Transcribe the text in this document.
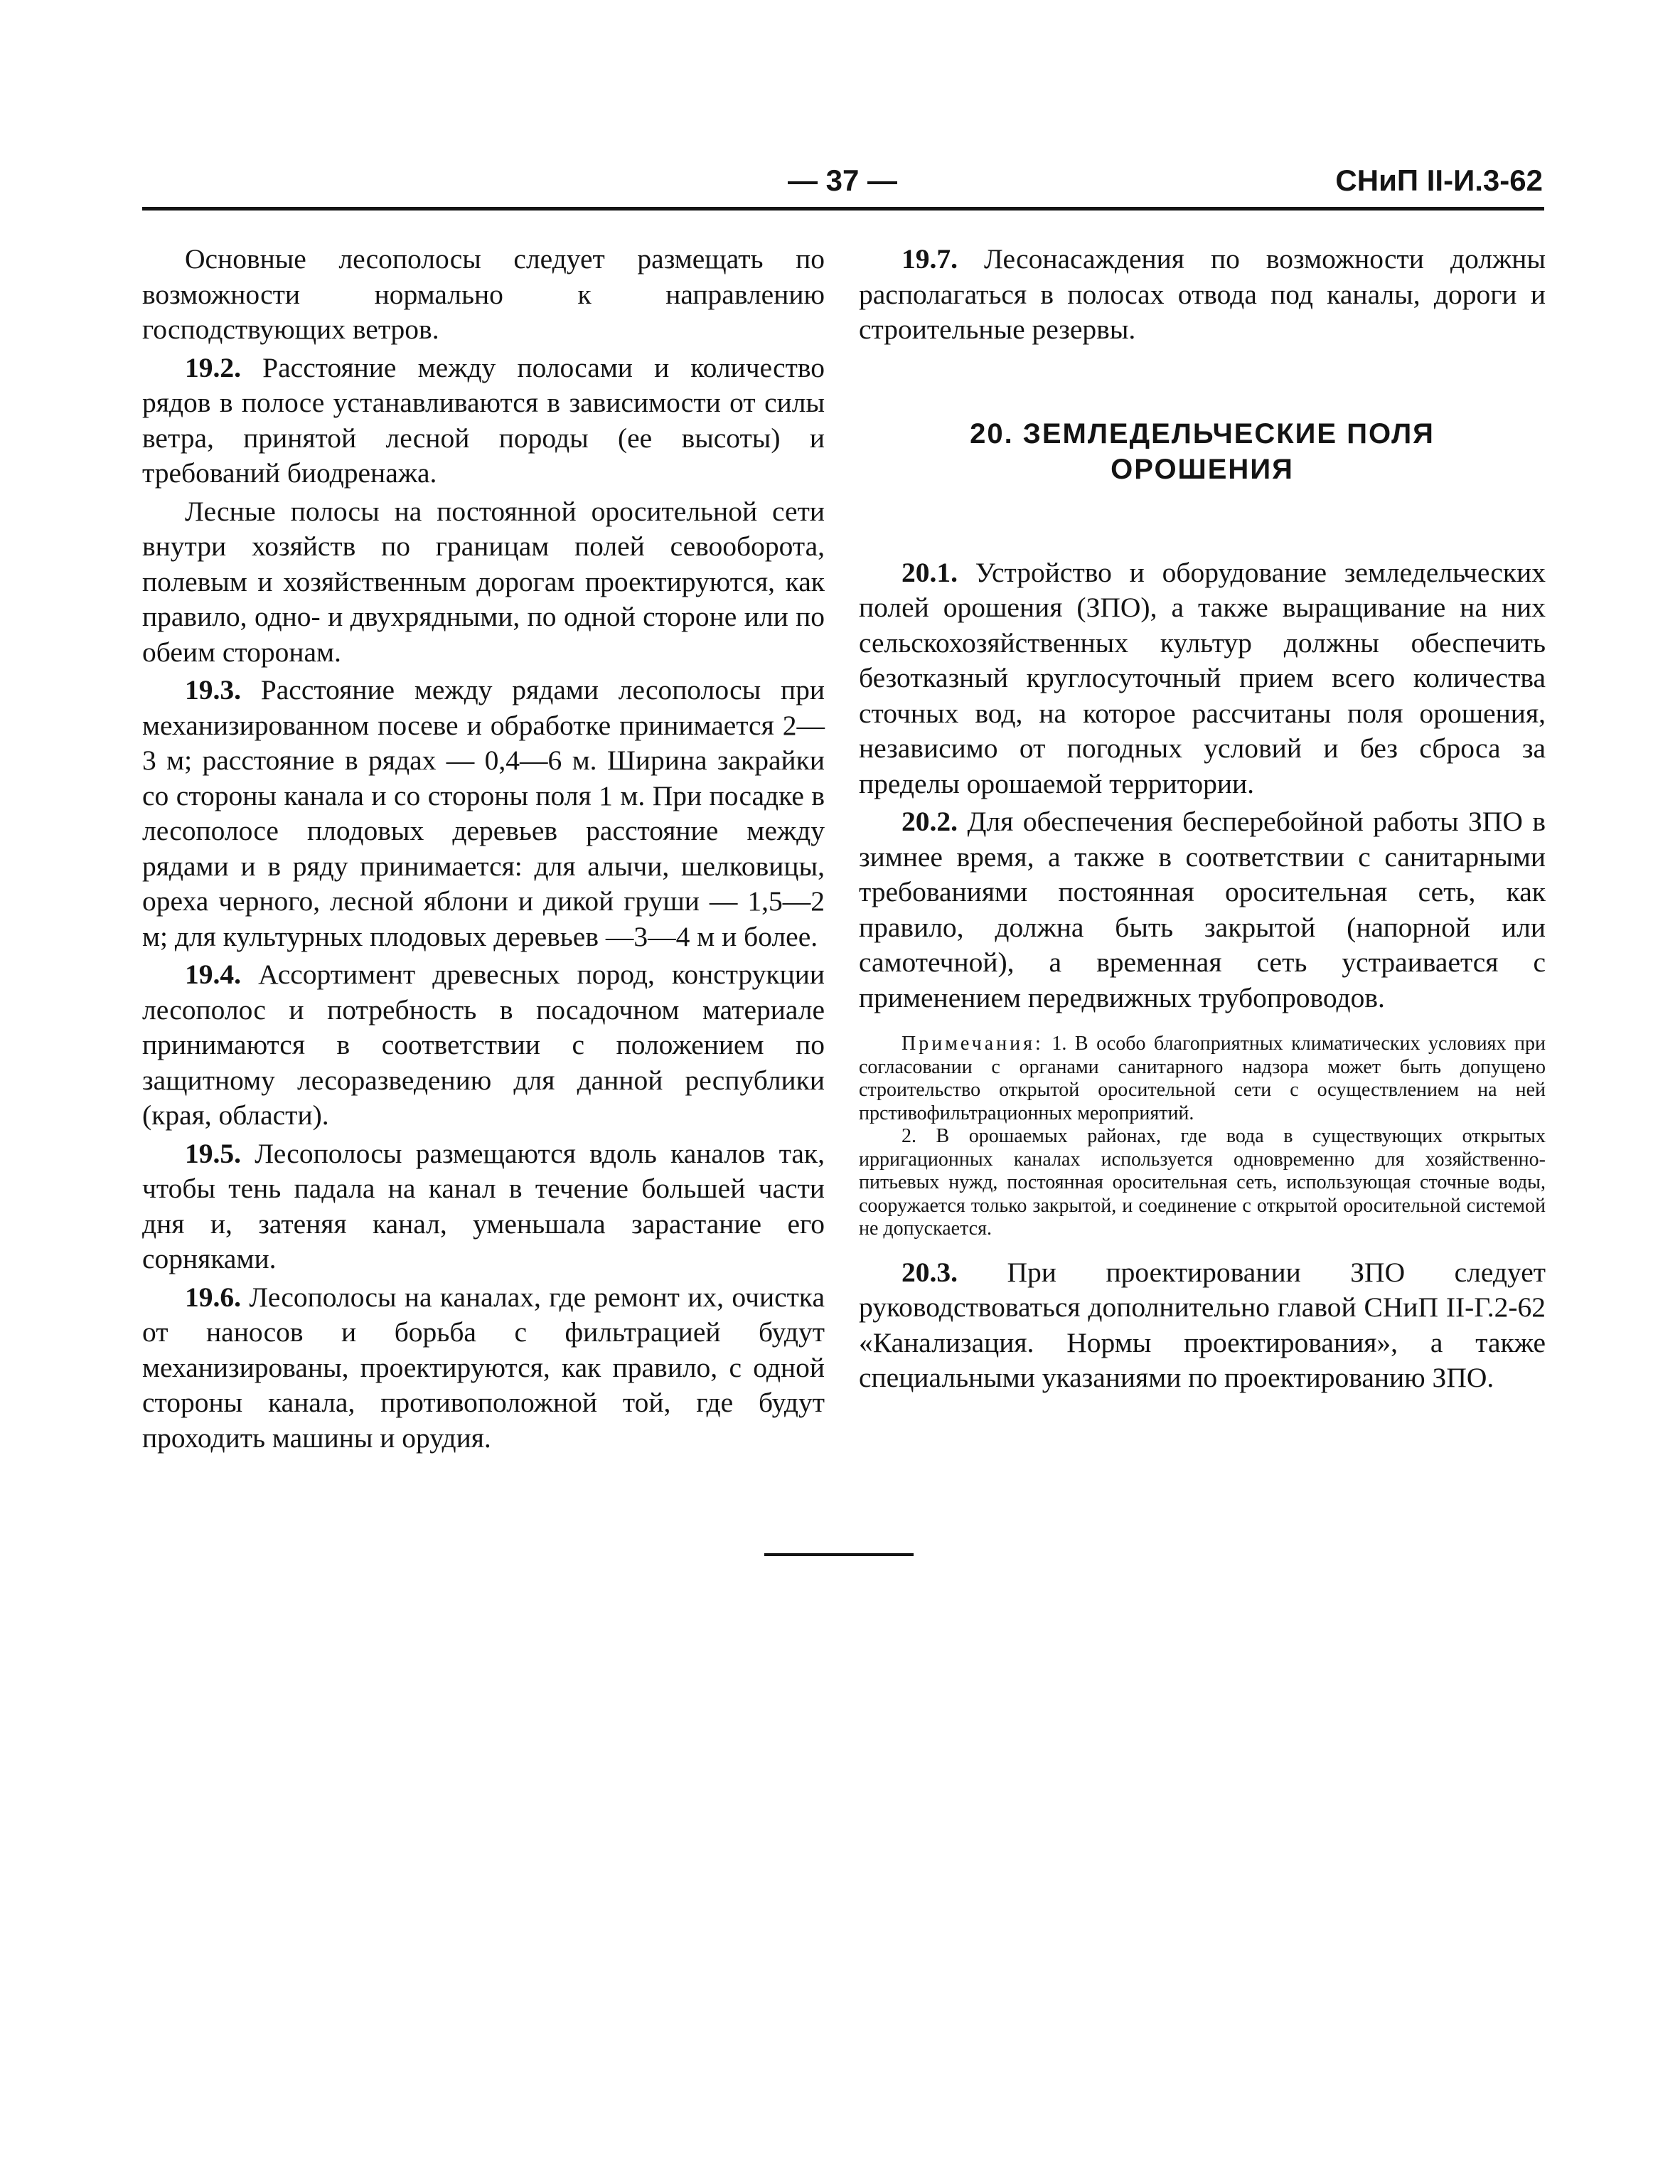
— 37 —	СНиП II-И.3-62

Основные лесополосы следует размещать по возможности нормально к направлению господствующих ветров.

19.2. Расстояние между полосами и количество рядов в полосе устанавливаются в зависимости от силы ветра, принятой лесной породы (ее высоты) и требований биодренажа.

Лесные полосы на постоянной оросительной сети внутри хозяйств по границам полей севооборота, полевым и хозяйственным дорогам проектируются, как правило, одно- и двухрядными, по одной стороне или по обеим сторонам.

19.3. Расстояние между рядами лесополосы при механизированном посеве и обработке принимается 2—3 м; расстояние в рядах — 0,4—6 м. Ширина закрайки со стороны канала и со стороны поля 1 м. При посадке в лесополосе плодовых деревьев расстояние между рядами и в ряду принимается: для алычи, шелковицы, ореха черного, лесной яблони и дикой груши — 1,5—2 м; для культурных плодовых деревьев —3—4 м и более.

19.4. Ассортимент древесных пород, конструкции лесополос и потребность в посадочном материале принимаются в соответствии с положением по защитному лесоразведению для данной республики (края, области).

19.5. Лесополосы размещаются вдоль каналов так, чтобы тень падала на канал в течение большей части дня и, затеняя канал, уменьшала зарастание его сорняками.

19.6. Лесополосы на каналах, где ремонт их, очистка от наносов и борьба с фильтрацией будут механизированы, проектируются, как правило, с одной стороны канала, противоположной той, где будут проходить машины и орудия.

19.7. Лесонасаждения по возможности должны располагаться в полосах отвода под каналы, дороги и строительные резервы.

20. ЗЕМЛЕДЕЛЬЧЕСКИЕ ПОЛЯ
ОРОШЕНИЯ

20.1. Устройство и оборудование земледельческих полей орошения (ЗПО), а также выращивание на них сельскохозяйственных культур должны обеспечить безотказный круглосуточный прием всего количества сточных вод, на которое рассчитаны поля орошения, независимо от погодных условий и без сброса за пределы орошаемой территории.

20.2. Для обеспечения бесперебойной работы ЗПО в зимнее время, а также в соответствии с санитарными требованиями постоянная оросительная сеть, как правило, должна быть закрытой (напорной или самотечной), а временная сеть устраивается с применением передвижных трубопроводов.

Примечания: 1. В особо благоприятных климатических условиях при согласовании с органами санитарного надзора может быть допущено строительство открытой оросительной сети с осуществлением на ней прстивофильтрационных мероприятий.

2. В орошаемых районах, где вода в существующих открытых ирригационных каналах используется одновременно для хозяйственно-питьевых нужд, постоянная оросительная сеть, использующая сточные воды, сооружается только закрытой, и соединение с открытой оросительной системой не допускается.

20.3. При проектировании ЗПО следует руководствоваться дополнительно главой СНиП II-Г.2-62 «Канализация. Нормы проектирования», а также специальными указаниями по проектированию ЗПО.
